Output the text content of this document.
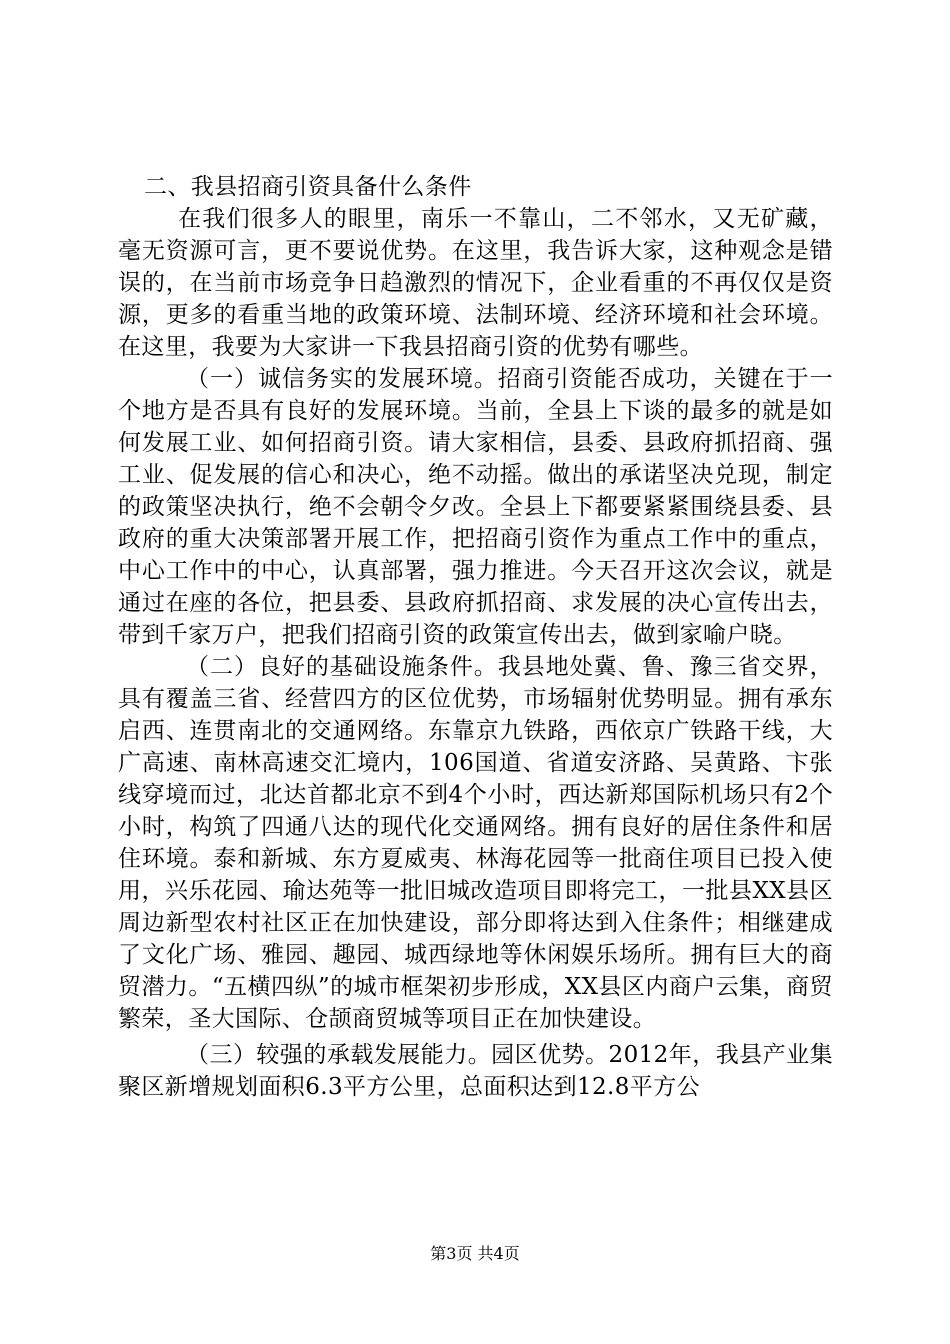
二、我县招商引资具备什么条件

在我们很多人的眼里，南乐一不靠山，二不邻水，又无矿藏，毫无资源可言，更不要说优势。在这里，我告诉大家，这种观念是错误的，在当前市场竞争日趋激烈的情况下，企业看重的不再仅仅是资源，更多的看重当地的政策环境、法制环境、经济环境和社会环境。在这里，我要为大家讲一下我县招商引资的优势有哪些。

（一）诚信务实的发展环境。招商引资能否成功，关键在于一个地方是否具有良好的发展环境。当前，全县上下谈的最多的就是如何发展工业、如何招商引资。请大家相信，县委、县政府抓招商、强工业、促发展的信心和决心，绝不动摇。做出的承诺坚决兑现，制定的政策坚决执行，绝不会朝令夕改。全县上下都要紧紧围绕县委、县政府的重大决策部署开展工作，把招商引资作为重点工作中的重点，中心工作中的中心，认真部署，强力推进。今天召开这次会议，就是通过在座的各位，把县委、县政府抓招商、求发展的决心宣传出去，带到千家万户，把我们招商引资的政策宣传出去，做到家喻户晓。

（二）良好的基础设施条件。我县地处冀、鲁、豫三省交界，具有覆盖三省、经营四方的区位优势，市场辐射优势明显。拥有承东启西、连贯南北的交通网络。东靠京九铁路，西依京广铁路干线，大广高速、南林高速交汇境内，106国道、省道安济路、吴黄路、卞张线穿境而过，北达首都北京不到4个小时，西达新郑国际机场只有2个小时，构筑了四通八达的现代化交通网络。拥有良好的居住条件和居住环境。泰和新城、东方夏威夷、林海花园等一批商住项目已投入使用，兴乐花园、瑜达苑等一批旧城改造项目即将完工，一批县XX县区周边新型农村社区正在加快建设，部分即将达到入住条件；相继建成了文化广场、雅园、趣园、城西绿地等休闲娱乐场所。拥有巨大的商贸潜力。“五横四纵”的城市框架初步形成，XX县区内商户云集，商贸繁荣，圣大国际、仓颉商贸城等项目正在加快建设。

（三）较强的承载发展能力。园区优势。2012年，我县产业集聚区新增规划面积6.3平方公里，总面积达到12.8平方公

第3页 共4页
